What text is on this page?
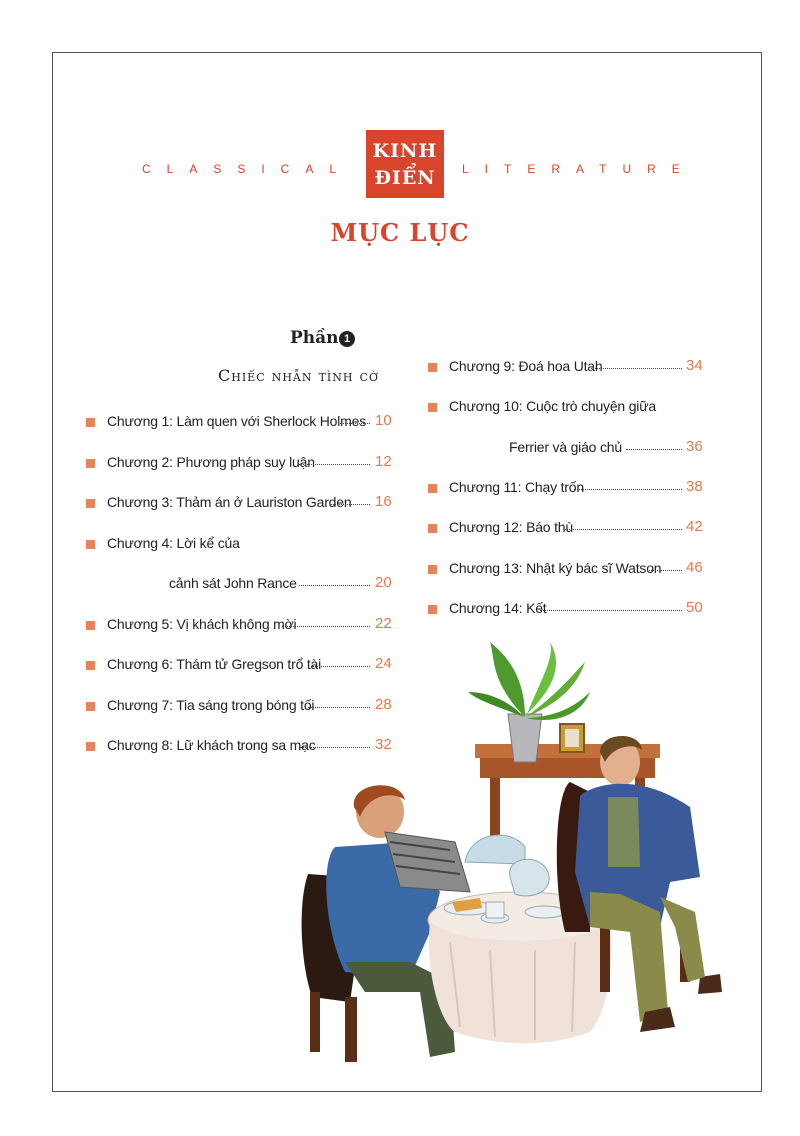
CLASSICAL
KINH
ĐIỂN	LITERATURE
MỤC LỤC
Phần 1
Chiếc nhẫn tình cờ
Chương 1: Làm quen với Sherlock Holmes 10
Chương 2: Phương pháp suy luận	12
Chương 3: Thảm án ở Lauriston Garden 16
Chương 4: Lời kể của
cảnh sát John Rance	20
Chương 5: Vị khách không mời	22
Chương 6: Thám tử Gregson trổ tài	24
Chương 7: Tia sáng trong bóng tối	28
Chương 8: Lữ khách trong sa mạc	32
Chương 9: Đoá hoa Utah	34
Chương 10: Cuộc trò chuyện giữa
Ferrier và giáo chủ	36
Chương 11: Chạy trốn	38
Chương 12: Báo thù	42
Chương 13: Nhật ký bác sĩ Watson 46
Chương 14: Kết	50
